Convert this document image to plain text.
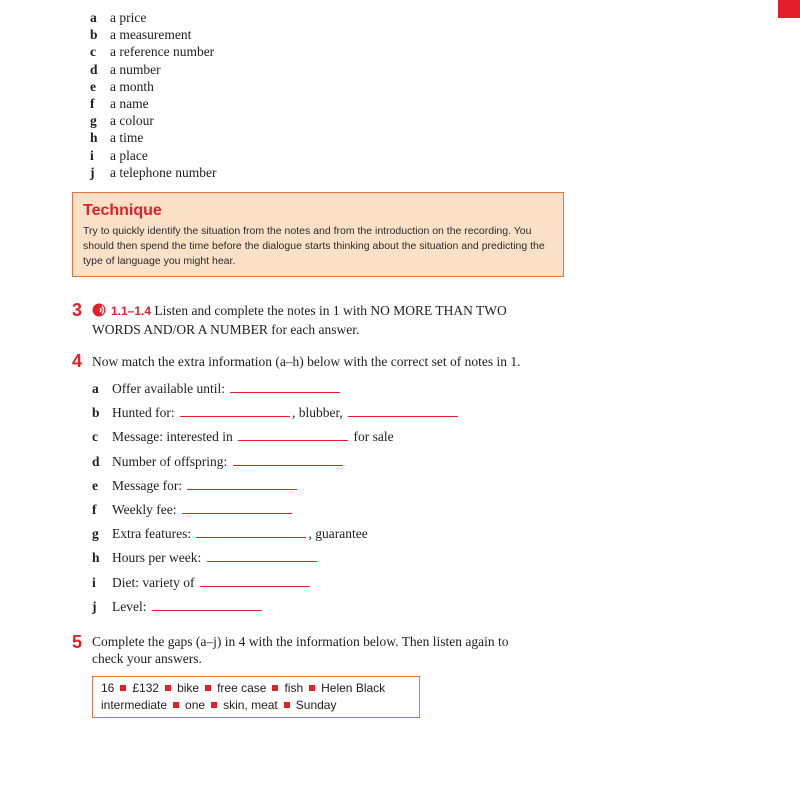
a a price
b a measurement
c a reference number
d a number
e a month
f a name
g a colour
h a time
i a place
j a telephone number
Technique
Try to quickly identify the situation from the notes and from the introduction on the recording. You should then spend the time before the dialogue starts thinking about the situation and predicting the type of language you might hear.
3	1.1–1.4 Listen and complete the notes in 1 with NO MORE THAN TWO
WORDS AND/OR A NUMBER for each answer.
4 Now match the extra information (a–h) below with the correct set of notes in 1.
a Offer available until:
b Hunted for:	, blubber,
c Message: interested in	for sale
d Number of offspring:
e Message for:
f Weekly fee:
g Extra features:	, guarantee
h Hours per week:
i Diet: variety of
j Level:
5 Complete the gaps (a–j) in 4 with the information below. Then listen again to
check your answers.
16 £132 bike free case fish Helen Black
intermediate one skin, meat Sunday
